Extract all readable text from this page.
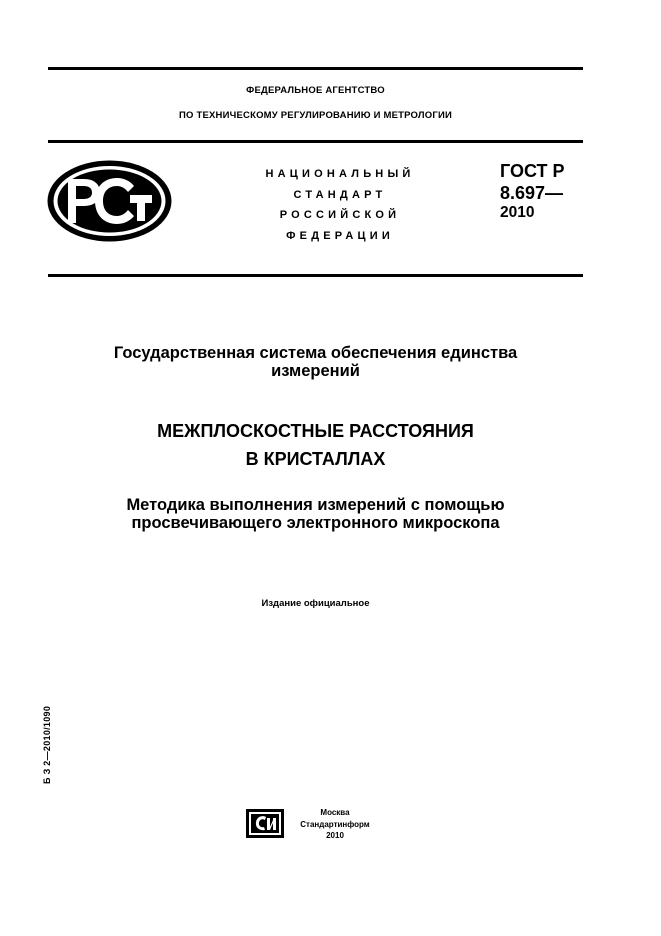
ФЕДЕРАЛЬНОЕ АГЕНТСТВО
ПО ТЕХНИЧЕСКОМУ РЕГУЛИРОВАНИЮ И МЕТРОЛОГИИ
НАЦИОНАЛЬНЫЙ
СТАНДАРТ
РОССИЙСКОЙ
ФЕДЕРАЦИИ
ГОСТ Р
8.697—
2010
Государственная система обеспечения единства
измерений
МЕЖПЛОСКОСТНЫЕ РАССТОЯНИЯ
В КРИСТАЛЛАХ
Методика выполнения измерений с помощью
просвечивающего электронного микроскопа
Издание официальное
Б З 2—2010/1090
Москва
Стандартинформ
2010
